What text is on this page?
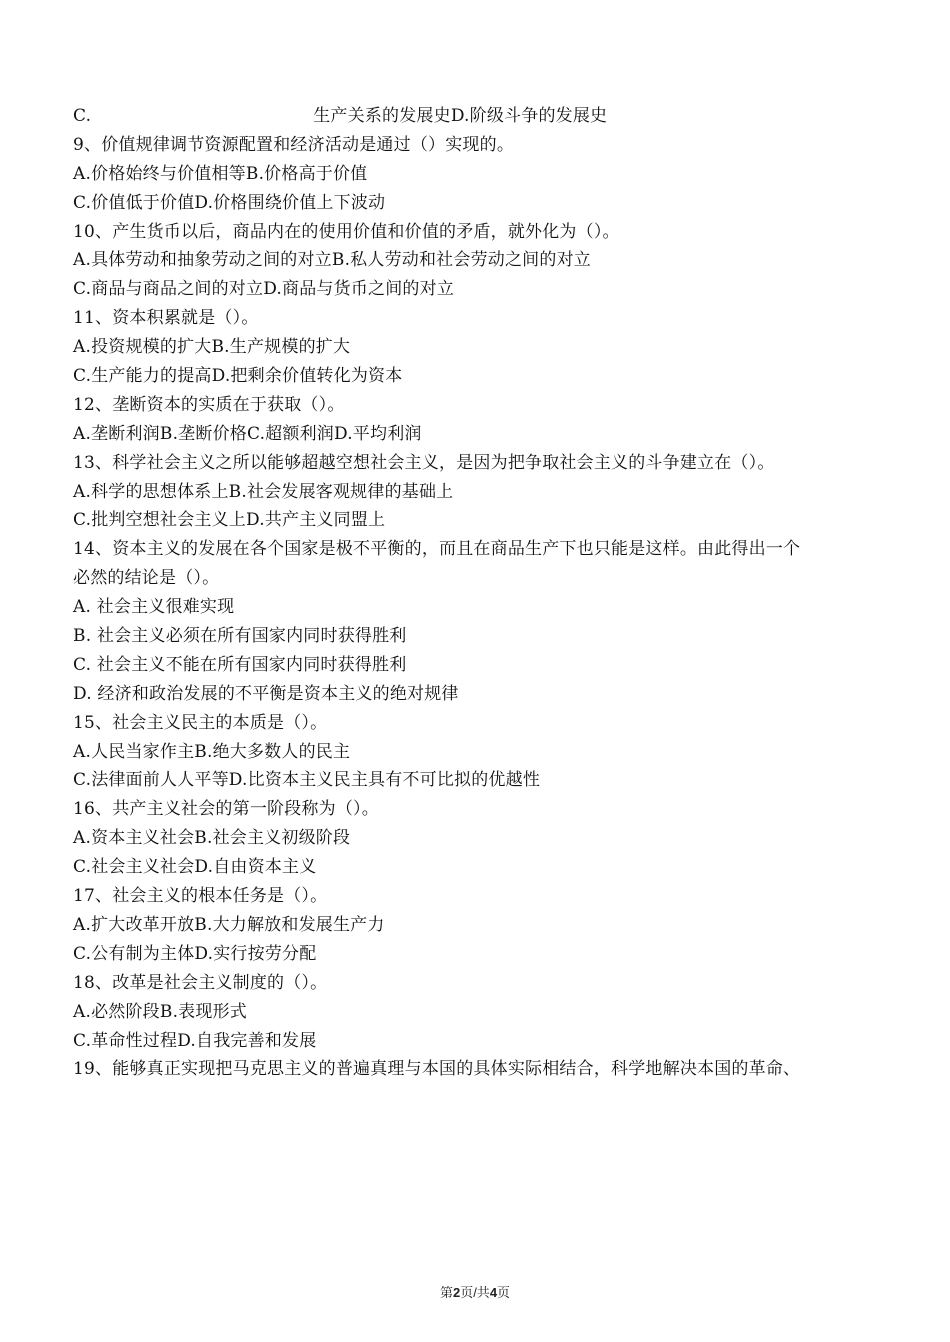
C.	生产关系的发展史D.阶级斗争的发展史
9、价值规律调节资源配置和经济活动是通过（）实现的。
A.价格始终与价值相等B.价格高于价值
C.价值低于价值D.价格围绕价值上下波动
10、产生货币以后，商品内在的使用价值和价值的矛盾，就外化为（）。
A.具体劳动和抽象劳动之间的对立B.私人劳动和社会劳动之间的对立
C.商品与商品之间的对立D.商品与货币之间的对立
11、资本积累就是（）。
A.投资规模的扩大B.生产规模的扩大
C.生产能力的提高D.把剩余价值转化为资本
12、垄断资本的实质在于获取（）。
A.垄断利润B.垄断价格C.超额利润D.平均利润
13、科学社会主义之所以能够超越空想社会主义，是因为把争取社会主义的斗争建立在（）。
A.科学的思想体系上B.社会发展客观规律的基础上
C.批判空想社会主义上D.共产主义同盟上
14、资本主义的发展在各个国家是极不平衡的，而且在商品生产下也只能是这样。由此得出一个
必然的结论是（）。
A. 社会主义很难实现
B. 社会主义必须在所有国家内同时获得胜利
C. 社会主义不能在所有国家内同时获得胜利
D. 经济和政治发展的不平衡是资本主义的绝对规律
15、社会主义民主的本质是（）。
A.人民当家作主B.绝大多数人的民主
C.法律面前人人平等D.比资本主义民主具有不可比拟的优越性
16、共产主义社会的第一阶段称为（）。
A.资本主义社会B.社会主义初级阶段
C.社会主义社会D.自由资本主义
17、社会主义的根本任务是（）。
A.扩大改革开放B.大力解放和发展生产力
C.公有制为主体D.实行按劳分配
18、改革是社会主义制度的（）。
A.必然阶段B.表现形式
C.革命性过程D.自我完善和发展
19、能够真正实现把马克思主义的普遍真理与本国的具体实际相结合，科学地解决本国的革命、
第2页/共4页
